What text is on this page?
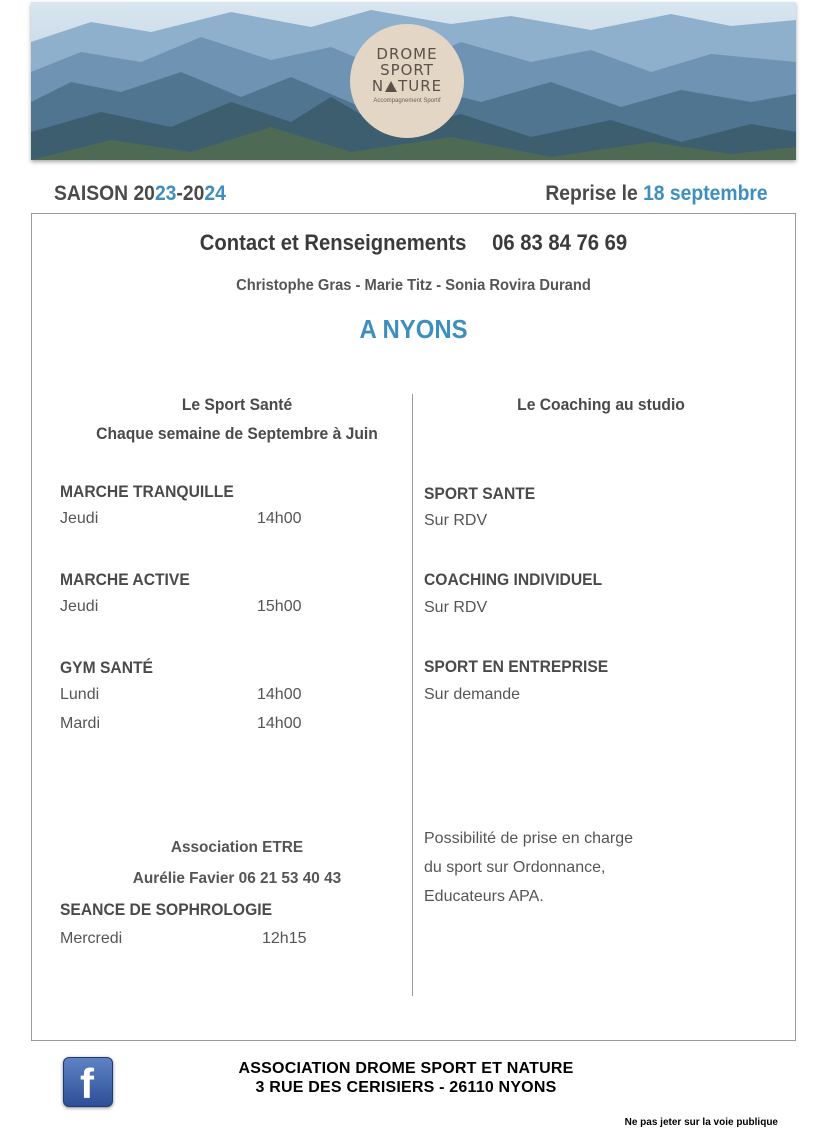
DROME
SPORT
N TURE
Accompagnement Sportif
SAISON 2023-2024	Reprise le 18 septembre
Contact et Renseignements 06 83 84 76 69
Christophe Gras - Marie Titz - Sonia Rovira Durand
A NYONS
Le Sport Santé
Chaque semaine de Septembre à Juin
MARCHE TRANQUILLE
Jeudi	14h00
MARCHE ACTIVE
Jeudi	15h00
GYM SANTÉ
Lundi	14h00
Mardi	14h00
Association ETRE
Aurélie Favier 06 21 53 40 43
SEANCE DE SOPHROLOGIE
Mercredi	12h15
Le Coaching au studio
SPORT SANTE
Sur RDV
COACHING INDIVIDUEL
Sur RDV
SPORT EN ENTREPRISE
Sur demande
Possibilité de prise en charge
du sport sur Ordonnance,
Educateurs APA.
f	ASSOCIATION DROME SPORT ET NATURE
3 RUE DES CERISIERS - 26110 NYONS
Ne pas jeter sur la voie publique
